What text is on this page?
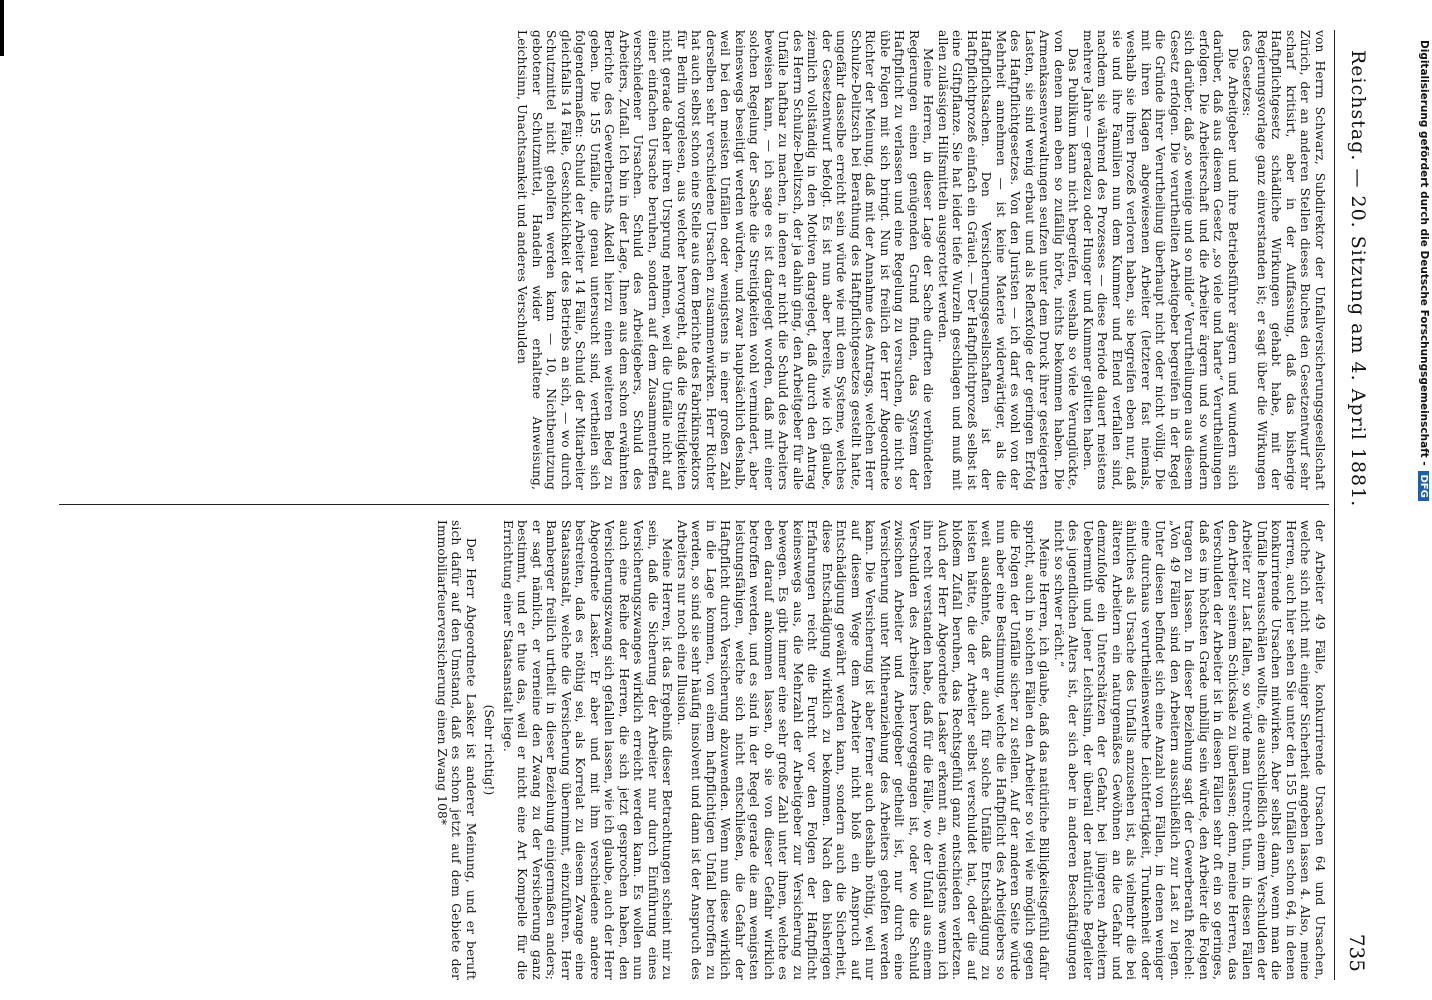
Reichstag. — 20. Sitzung am 4. April 1881.
735

von Herrn Schwarz, Subdirektor der Unfallversicherungsgesellschaft Zürich, der an anderen Stellen dieses Buches den Gesetzentwurf sehr scharf kritisirt, aber in der Auffassung, daß das bisherige Haftpflichtgesetz schädliche Wirkungen gehabt habe, mit der Regierungsvorlage ganz einverstanden ist; er sagt über die Wirkungen des Gesetzes:

Die Arbeitgeber und ihre Betriebsführer ärgern und wundern sich darüber, daß aus diesem Gesetz „so viele und harte“ Verurtheilungen erfolgen. Die Arbeiterschaft und die Arbeiter ärgern und so wundern sich darüber, daß „so wenige und so milde“ Verurtheilungen aus diesem Gesetz erfolgen. Die verurtheilten Arbeitgeber begreifen in der Regel die Gründe ihrer Verurtheilung überhaupt nicht oder nicht völlig. Die mit ihren Klagen abgewiesenen Arbeiter (letzterer fast niemals, weshalb sie ihren Prozeß verloren haben, sie begreifen eben nur, daß sie und ihre Familien nun dem Kummer und Elend verfallen sind, nachdem sie während des Prozesses — diese Periode dauert meistens mehrere Jahre — geradezu oder Hunger und Kummer gelitten haben.

Das Publikum kann nicht begreifen, weshalb so viele Verunglückte, von denen man eben so zufällig hörte, nichts bekommen haben. Die Armenkassenverwaltungen seufzen unter dem Druck ihrer gesteigerten Lasten, sie sind wenig erbaut und als Reflexfolge der geringen Erfolg des Haftpflichtgesetzes. Von den Juristen — ich darf es wohl von der Mehrheit annehmen — ist keine Materie widerwärtiger, als die Haftpflichtsachen. Den Versicherungsgesellschaften ist der Haftpflichtprozeß einfach ein Gräuel. — Der Haftpflichtprozeß selbst ist eine Giftpflanze. Sie hat leider tiefe Wurzeln geschlagen und muß mit allen zulässigen Hilfsmitteln ausgerottet werden.

Meine Herren, in dieser Lage der Sache durften die verbündeten Regierungen einen genügenden Grund finden, das System der Haftpflicht zu verlassen und eine Regelung zu versuchen, die nicht so üble Folgen mit sich bringt. Nun ist freilich der Herr Abgeordnete Richter der Meinung, daß mit der Annahme des Antrags, welchen Herr Schulze-Delitzsch bei Berathung des Haftpflichtgesetzes gestellt hatte, ungefähr dasselbe erreicht sein würde wie mit dem Systeme, welches der Gesetzentwurf befolgt. Es ist nun aber bereits, wie ich glaube, ziemlich vollständig in den Motiven dargelegt, daß durch den Antrag des Herrn Schulze-Delitzsch, der ja dahin ging, den Arbeitgeber für alle Unfälle haftbar zu machen, in denen er nicht die Schuld des Arbeiters beweisen kann, — ich sage es ist dargelegt worden, daß mit einer solchen Regelung der Sache die Streitigkeiten wohl vermindert, aber keineswegs beseitigt werden würden, und zwar hauptsächlich deshalb, weil bei den meisten Unfällen oder wenigstens in einer großen Zahl derselben sehr verschiedene Ursachen zusammenwirken. Herr Richter hat auch selbst schon eine Stelle aus dem Berichte des Fabrikinspektors für Berlin vorgelesen, aus welcher hervorgeht, daß die Streitigkeiten nicht gerade daher ihren Ursprung nehmen, weil die Unfälle nicht auf einer einfachen Ursache beruhen, sondern auf dem Zusammentreffen verschiedener Ursachen. Schuld des Arbeitgebers, Schuld des Arbeiters, Zufall. Ich bin in der Lage, Ihnen aus dem schon erwähnten Berichte des Gewerberaths Akdell hierzu einen weiteren Beleg zu geben. Die 155 Unfälle, die genau untersucht sind, vertheilen sich folgendermaßen: Schuld der Arbeiter 14 Fälle, Schuld der Mitarbeiter gleichfalls 14 Fälle, Geschicklichkeit des Betriebs an sich, — wo durch Schutzmittel nicht geholfen werden kann — 10, Nichtbenutzung gebotener Schutzmittel, Handeln wider erhaltene Anweisung, Leichtsinn, Unachtsamkeit und anderes Verschulden

der Arbeiter 49 Fälle, konkurrirende Ursachen 64 und Ursachen, welche sich nicht mit einiger Sicherheit angeben lassen 4. Also, meine Herren, auch hier sehen Sie unter den 155 Unfällen schon 64, in denen konkurrirende Ursachen mitwirken. Aber selbst dann, wenn man die Unfälle herausschälen wollte, die ausschließlich einem Verschulden der Arbeiter zur Last fallen, so würde man Unrecht thun, in diesen Fällen den Arbeiter seinem Schicksale zu überlassen; denn, meine Herren, das Verschulden der Arbeiter ist in diesen Fällen sehr oft ein so geringes, daß es im höchsten Grade unbillig sein würde, den Arbeiter die Folgen tragen zu lassen. In dieser Beziehung sagt der Gewerberath Reichel: „Von 49 Fällen sind den Arbeitern ausschließlich zur Last zu legen. Unter diesen befindet sich eine Anzahl von Fällen, in denen weniger eine durchaus verurtheilenswerthe Leichtfertigkeit, Trunkenheit oder ähnliches als Ursache des Unfalls anzusehen ist, als vielmehr die bei älteren Arbeitern ein naturgemäßes Gewöhnen an die Gefahr und demzufolge ein Unterschätzen der Gefahr, bei jüngeren Arbeitern Uebermuth und jener Leichtsinn, der überall der natürliche Begleiter des jugendlichen Alters ist, der sich aber in anderen Beschäftigungen nicht so schwer rächt.“

Meine Herren, ich glaube, daß das natürliche Billigkeitsgefühl dafür spricht, auch in solchen Fällen den Arbeiter so viel wie möglich gegen die Folgen der Unfälle sicher zu stellen. Auf der anderen Seite würde nun aber eine Bestimmung, welche die Haftpflicht des Arbeitgebers so weit ausdehnte, daß er auch für solche Unfälle Entschädigung zu leisten hätte, die der Arbeiter selbst verschuldet hat, oder die auf bloßem Zufall beruhen, das Rechtsgefühl ganz entschieden verletzen. Auch der Herr Abgeordnete Lasker erkennt an, wenigstens wenn ich ihn recht verstanden habe, daß für die Fälle, wo der Unfall aus einem Verschulden des Arbeiters hervorgegangen ist, oder wo die Schuld zwischen Arbeiter und Arbeitgeber getheilt ist, nur durch eine Versicherung unter Mitheranziehung des Arbeiters geholfen werden kann. Die Versicherung ist aber ferner auch deshalb nöthig, weil nur auf diesem Wege dem Arbeiter nicht bloß ein Anspruch auf Entschädigung gewährt werden kann, sondern auch die Sicherheit, diese Entschädigung wirklich zu bekommen. Nach den bisherigen Erfahrungen reicht die Furcht vor den Folgen der Haftpflicht keineswegs aus, die Mehrzahl der Arbeitgeber zur Versicherung zu bewegen. Es gibt immer eine sehr große Zahl unter ihnen, welche es eben darauf ankommen lassen, ob sie von dieser Gefahr wirklich betroffen werden, und es sind in der Regel gerade die am wenigsten leistungsfähigen, welche sich nicht entschließen, die Gefahr der Haftpflicht durch Versicherung abzuwenden. Wenn nun diese wirklich in die Lage kommen, von einem haftpflichtigen Unfall betroffen zu werden, so sind sie sehr häufig insolvent und dann ist der Anspruch des Arbeiters nur noch eine Illusion.

Meine Herren, ist das Ergebniß dieser Betrachtungen scheint mir zu sein, daß die Sicherung der Arbeiter nur durch Einführung eines Versicherungszwanges wirklich erreicht werden kann. Es wollen nun auch eine Reihe der Herren, die sich jetzt gesprochen haben, den Versicherungszwang sich gefallen lassen, wie ich glaube, auch der Herr Abgeordnete Lasker. Er aber und mit ihm verschiedene andere bestreiten, daß es nöthig sei, als Korrelat zu diesem Zwange eine Staatsanstalt, welche die Versicherung übernimmt, einzuführen. Herr Bamberger freilich urtheilt in dieser Beziehung einigermaßen anders; er sagt nämlich, er verneine den Zwang zu der Versicherung ganz bestimmt, und er thue das, weil er nicht eine Art Kompelle für die Errichtung einer Staatsanstalt liege.

(Sehr richtig!)

Der Herr Abgeordnete Lasker ist anderer Meinung, und er beruft sich dafür auf den Umstand, daß es schon jetzt auf dem Gebiete der Immobiliarfeuerversicherung einen Zwang 108*

Digitalisierung gefördert durch die Deutsche Forschungsgemeinschaft - DFG
